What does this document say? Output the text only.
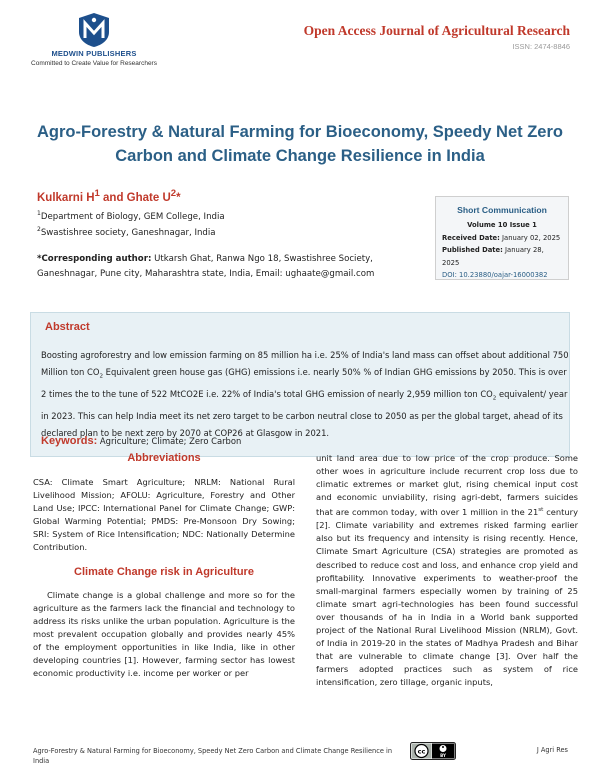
MEDWIN PUBLISHERS
Committed to Create Value for Researchers
Open Access Journal of Agricultural Research
ISSN: 2474-8846
Agro-Forestry & Natural Farming for Bioeconomy, Speedy Net Zero Carbon and Climate Change Resilience in India
Kulkarni $H^1$ and Ghate $U^2*$
$^1$Department of Biology, GEM College, India
$^2$Swastishree society, Ganeshnagar, India
*Corresponding author: Utkarsh Ghat, Ranwa Ngo 18, Swastishree Society, Ganeshnagar, Pune city, Maharashtra state, India, Email: ughaate@gmail.com
Short Communication
Volume 10 Issue 1
Received Date: January 02, 2025
Published Date: January 28, 2025
DOI: 10.23880/oajar-16000382
Abstract
Boosting agroforestry and low emission farming on 85 million ha i.e. 25% of India's land mass can offset about additional 750 Million ton $CO_2$ Equivalent green house gas (GHG) emissions i.e. nearly 50% % of Indian GHG emissions by 2050. This is over 2 times the to the tune of 522 MtCO2E i.e. 22% of India's total GHG emission of nearly 2,959 million ton $CO_2$ equivalent/ year in 2023. This can help India meet its net zero target to be carbon neutral close to 2050 as per the global target, ahead of its declared plan to be next zero by 2070 at COP26 at Glasgow in 2021.
Keywords: Agriculture; Climate; Zero Carbon
Abbreviations
CSA: Climate Smart Agriculture; NRLM: National Rural Livelihood Mission; AFOLU: Agriculture, Forestry and Other Land Use; IPCC: International Panel for Climate Change; GWP: Global Warming Potential; PMDS: Pre-Monsoon Dry Sowing; SRI: System of Rice Intensification; NDC: Nationally Determine Contribution.
Climate Change risk in Agriculture
Climate change is a global challenge and more so for the agriculture as the farmers lack the financial and technology to address its risks unlike the urban population. Agriculture is the most prevalent occupation globally and provides nearly 45% of the employment opportunities in like India, like in other developing countries [1]. However, farming sector has lowest economic productivity i.e. income per worker or per
unit land area due to low price of the crop produce. Some other woes in agriculture include recurrent crop loss due to climatic extremes or market glut, rising chemical input cost and economic unviability, rising agri-debt, farmers suicides that are common today, with over 1 million in the 21st century [2]. Climate variability and extremes risked farming earlier also but its frequency and intensity is rising recently. Hence, Climate Smart Agriculture (CSA) strategies are promoted as described to reduce cost and loss, and enhance crop yield and profitability. Innovative experiments to weather-proof the small-marginal farmers especially women by training of 25 climate smart agri-technologies has been found successful over thousands of ha in India in a World bank supported project of the National Rural Livelihood Mission (NRLM), Govt. of India in 2019-20 in the states of Madhya Pradesh and Bihar that are vulnerable to climate change [3]. Over half the farmers adopted practices such as system of rice intensification, zero tillage, organic inputs,
Agro-Forestry & Natural Farming for Bioeconomy, Speedy Net Zero Carbon and Climate Change Resilience in India
cc	BY
J Agri Res
